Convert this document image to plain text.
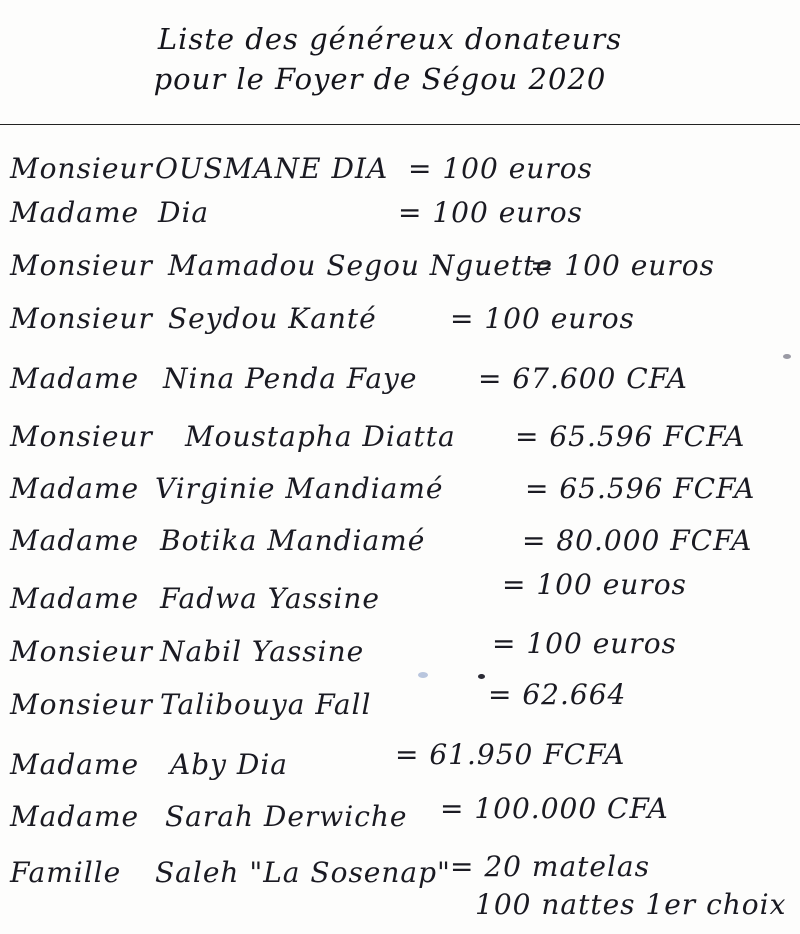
Liste des généreux donateurs
pour le Foyer de Ségou 2020
Monsieur OUSMANE DIA = 100 euros
Madame Dia	= 100 euros
Monsieur Mamadou Segou Nguette
= 100 euros
Monsieur Seydou Kanté	= 100 euros
Madame Nina Penda Faye = 67.600 CFA
Monsieur Moustapha Diatta = 65.596 FCFA
Madame Virginie Mandiamé	= 65.596 FCFA
Madame Botika Mandiamé	= 80.000 FCFA
Madame Fadwa Yassine	= 100 euros
Monsieur Nabil Yassine	= 100 euros
Monsieur Talibouya Fall	= 62.664
Madame Aby Dia	= 61.950 FCFA
Madame Sarah Derwiche = 100.000 CFA
Famille Saleh "La Sosenap" = 20 matelas
100 nattes 1er choix
